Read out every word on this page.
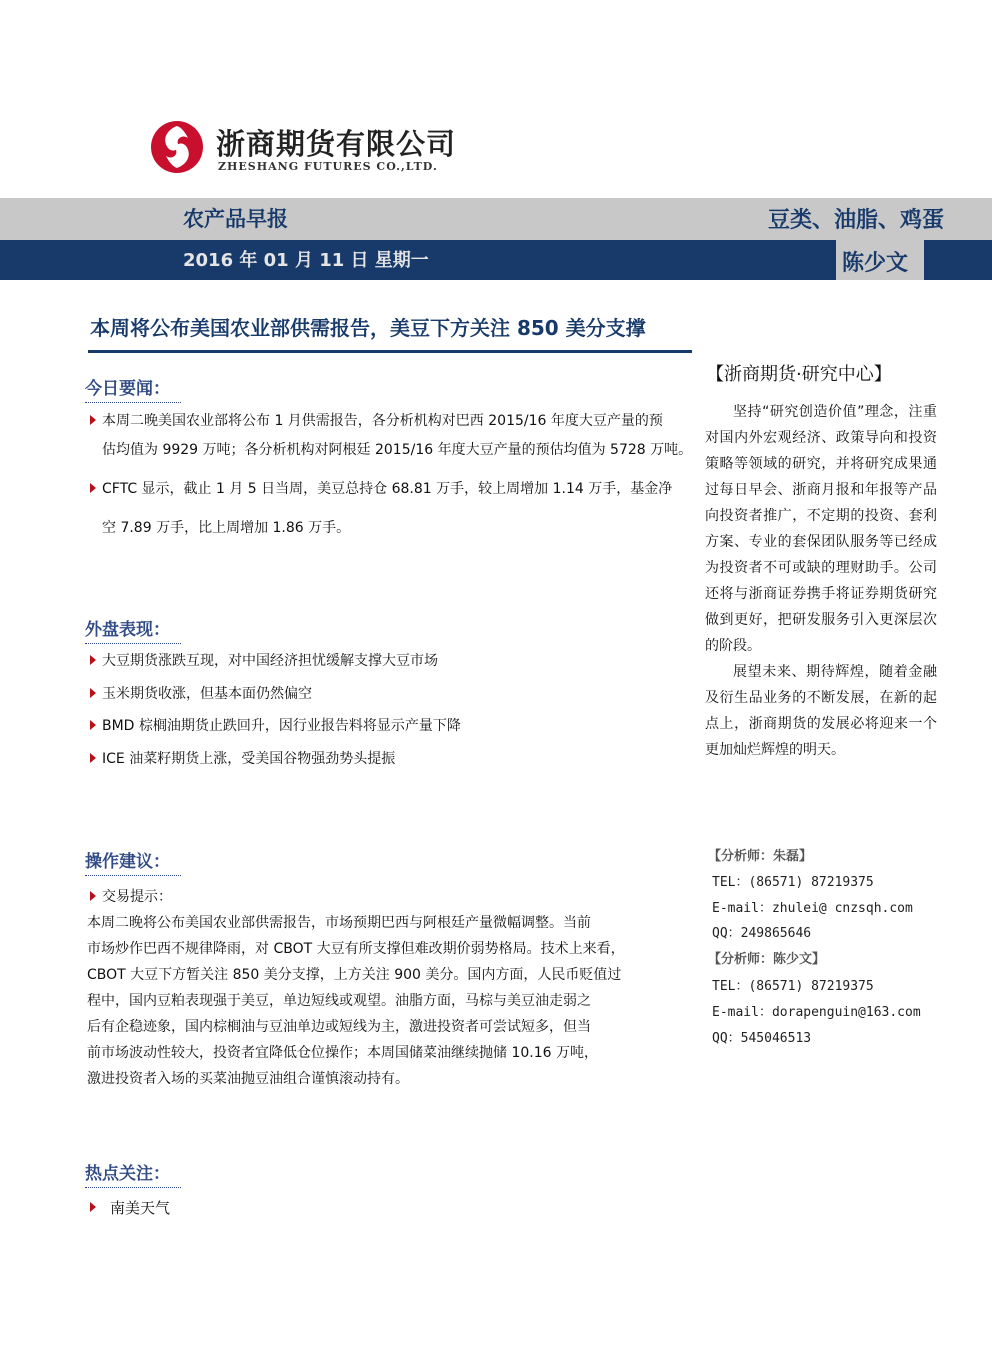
浙商期货有限公司
ZHESHANG FUTURES CO.,LTD.
农产品早报	豆类、油脂、鸡蛋
2016 年 01 月 11 日 星期一	陈少文
本周将公布美国农业部供需报告，美豆下方关注 850 美分支撑
今日要闻：
本周二晚美国农业部将公布 1 月供需报告，各分析机构对巴西 2015/16 年度大豆产量的预
估均值为 9929 万吨；各分析机构对阿根廷 2015/16 年度大豆产量的预估均值为 5728 万吨。
CFTC 显示，截止 1 月 5 日当周，美豆总持仓 68.81 万手，较上周增加 1.14 万手，基金净
空 7.89 万手，比上周增加 1.86 万手。
外盘表现：
大豆期货涨跌互现，对中国经济担忧缓解支撑大豆市场
玉米期货收涨，但基本面仍然偏空
BMD 棕榈油期货止跌回升，因行业报告料将显示产量下降
ICE 油菜籽期货上涨，受美国谷物强劲势头提振
操作建议：
交易提示：
本周二晚将公布美国农业部供需报告，市场预期巴西与阿根廷产量微幅调整。当前
市场炒作巴西不规律降雨，对 CBOT 大豆有所支撑但难改期价弱势格局。技术上来看，
CBOT 大豆下方暂关注 850 美分支撑，上方关注 900 美分。国内方面，人民币贬值过
程中，国内豆粕表现强于美豆，单边短线或观望。油脂方面，马棕与美豆油走弱之
后有企稳迹象，国内棕榈油与豆油单边或短线为主，激进投资者可尝试短多，但当
前市场波动性较大，投资者宜降低仓位操作；本周国储菜油继续抛储 10.16 万吨，
激进投资者入场的买菜油抛豆油组合谨慎滚动持有。
热点关注：
南美天气
【浙商期货·研究中心】

坚持“研究创造价值”理念，注重对国内外宏观经济、政策导向和投资策略等领域的研究，并将研究成果通过每日早会、浙商月报和年报等产品向投资者推广，不定期的投资、套利方案、专业的套保团队服务等已经成为投资者不可或缺的理财助手。公司还将与浙商证券携手将证券期货研究做到更好，把研发服务引入更深层次的阶段。

展望未来、期待辉煌，随着金融及衍生品业务的不断发展，在新的起点上，浙商期货的发展必将迎来一个更加灿烂辉煌的明天。

【分析师：朱磊】
TEL：(86571) 87219375
E-mail：zhulei@ cnzsqh.com
QQ：249865646
【分析师：陈少文】
TEL：(86571) 87219375
E-mail：dorapenguin@163.com
QQ：545046513
